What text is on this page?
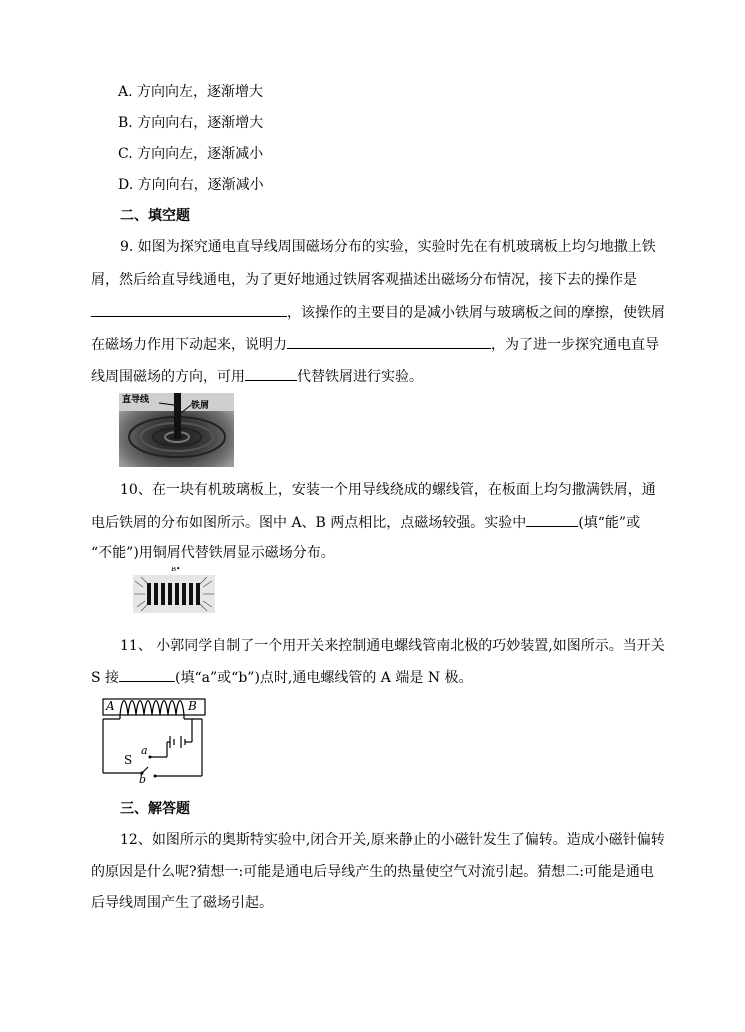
A. 方向向左，逐渐增大
B. 方向向右，逐渐增大
C. 方向向左，逐渐减小
D. 方向向右，逐渐减小
二、填空题
9. 如图为探究通电直导线周围磁场分布的实验，实验时先在有机玻璃板上均匀地撒上铁
屑，然后给直导线通电，为了更好地通过铁屑客观描述出磁场分布情况，接下去的操作是
，该操作的主要目的是减小铁屑与玻璃板之间的摩擦，使铁屑
在磁场力作用下动起来，说明力	，为了进一步探究通电直导
线周围磁场的方向，可用	代替铁屑进行实验。
直导线
铁屑
10、在一块有机玻璃板上，安装一个用导线绕成的螺线管，在板面上均匀撒满铁屑，通
电后铁屑的分布如图所示。图中 A、B 两点相比，点磁场较强。实验中	(填“能”或
“不能”)用铜屑代替铁屑显示磁场分布。
B•
11、 小郭同学自制了一个用开关来控制通电螺线管南北极的巧妙装置,如图所示。当开关
S 接	(填“a”或“b”)点时,通电螺线管的 A 端是 N 极。
A	B
S
a
b
三、解答题
12、如图所示的奥斯特实验中,闭合开关,原来静止的小磁针发生了偏转。造成小磁针偏转
的原因是什么呢?猜想一:可能是通电后导线产生的热量使空气对流引起。猜想二:可能是通电
后导线周围产生了磁场引起。
